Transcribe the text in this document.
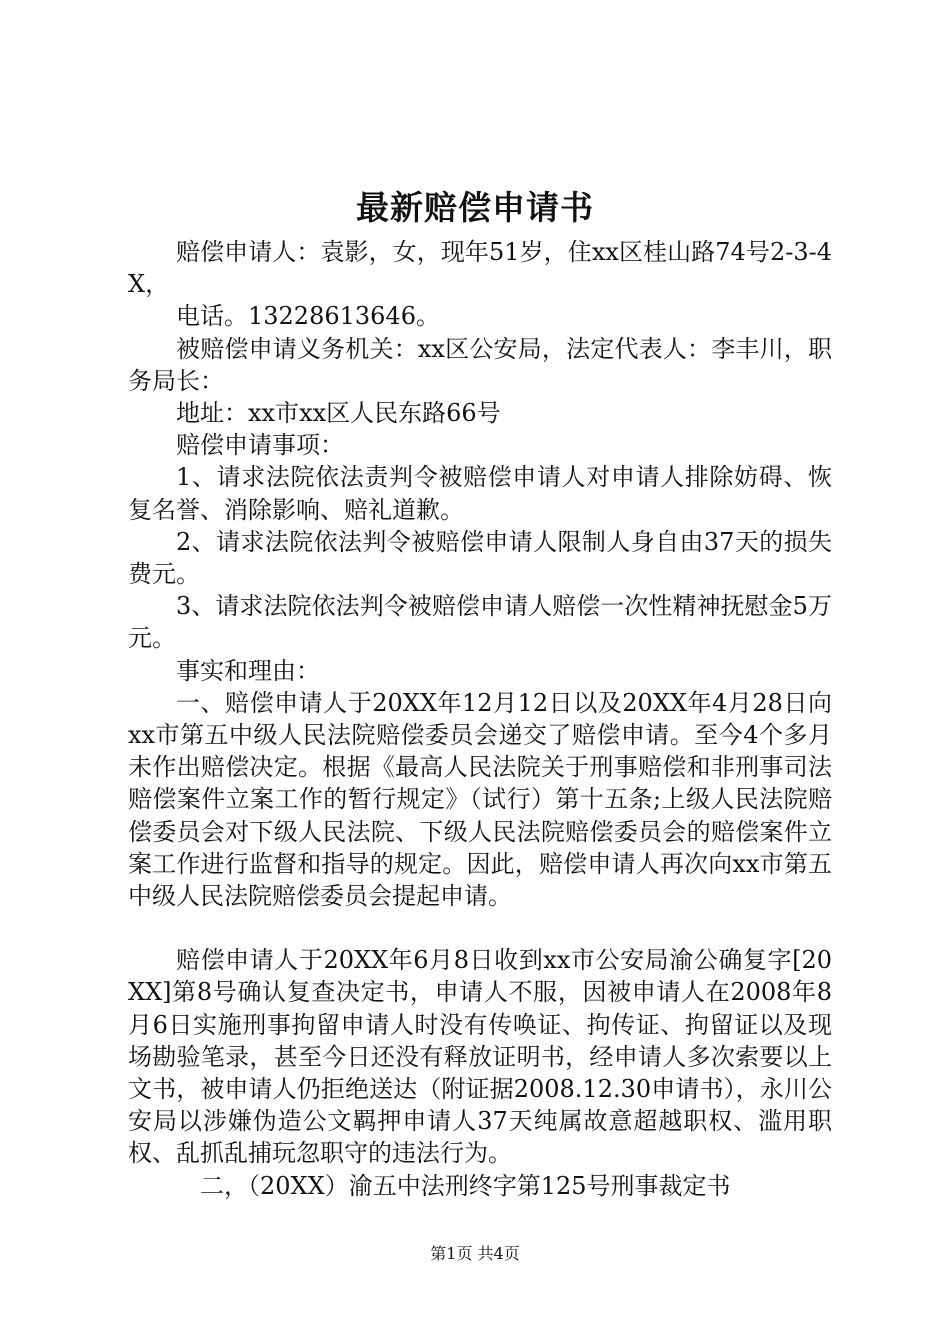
最新赔偿申请书

赔偿申请人：袁影，女，现年51岁，住xx区桂山路74号2-3-4X，

电话。13228613646。

被赔偿申请义务机关：xx区公安局，法定代表人：李丰川，职务局长：

地址：xx市xx区人民东路66号

赔偿申请事项：

1、请求法院依法责判令被赔偿申请人对申请人排除妨碍、恢复名誉、消除影响、赔礼道歉。

2、请求法院依法判令被赔偿申请人限制人身自由37天的损失费元。

3、请求法院依法判令被赔偿申请人赔偿一次性精神抚慰金5万元。

事实和理由：

一、赔偿申请人于20XX年12月12日以及20XX年4月28日向xx市第五中级人民法院赔偿委员会递交了赔偿申请。至今4个多月未作出赔偿决定。根据《最高人民法院关于刑事赔偿和非刑事司法赔偿案件立案工作的暂行规定》（试行）第十五条;上级人民法院赔偿委员会对下级人民法院、下级人民法院赔偿委员会的赔偿案件立案工作进行监督和指导的规定。因此，赔偿申请人再次向xx市第五中级人民法院赔偿委员会提起申请。

赔偿申请人于20XX年6月8日收到xx市公安局渝公确复字[20XX]第8号确认复查决定书，申请人不服，因被申请人在2008年8月6日实施刑事拘留申请人时没有传唤证、拘传证、拘留证以及现场勘验笔录，甚至今日还没有释放证明书，经申请人多次索要以上文书，被申请人仍拒绝送达（附证据2008.12.30申请书），永川公安局以涉嫌伪造公文羁押申请人37天纯属故意超越职权、滥用职权、乱抓乱捕玩忽职守的违法行为。

二，（20XX）渝五中法刑终字第125号刑事裁定书

第1页 共4页
